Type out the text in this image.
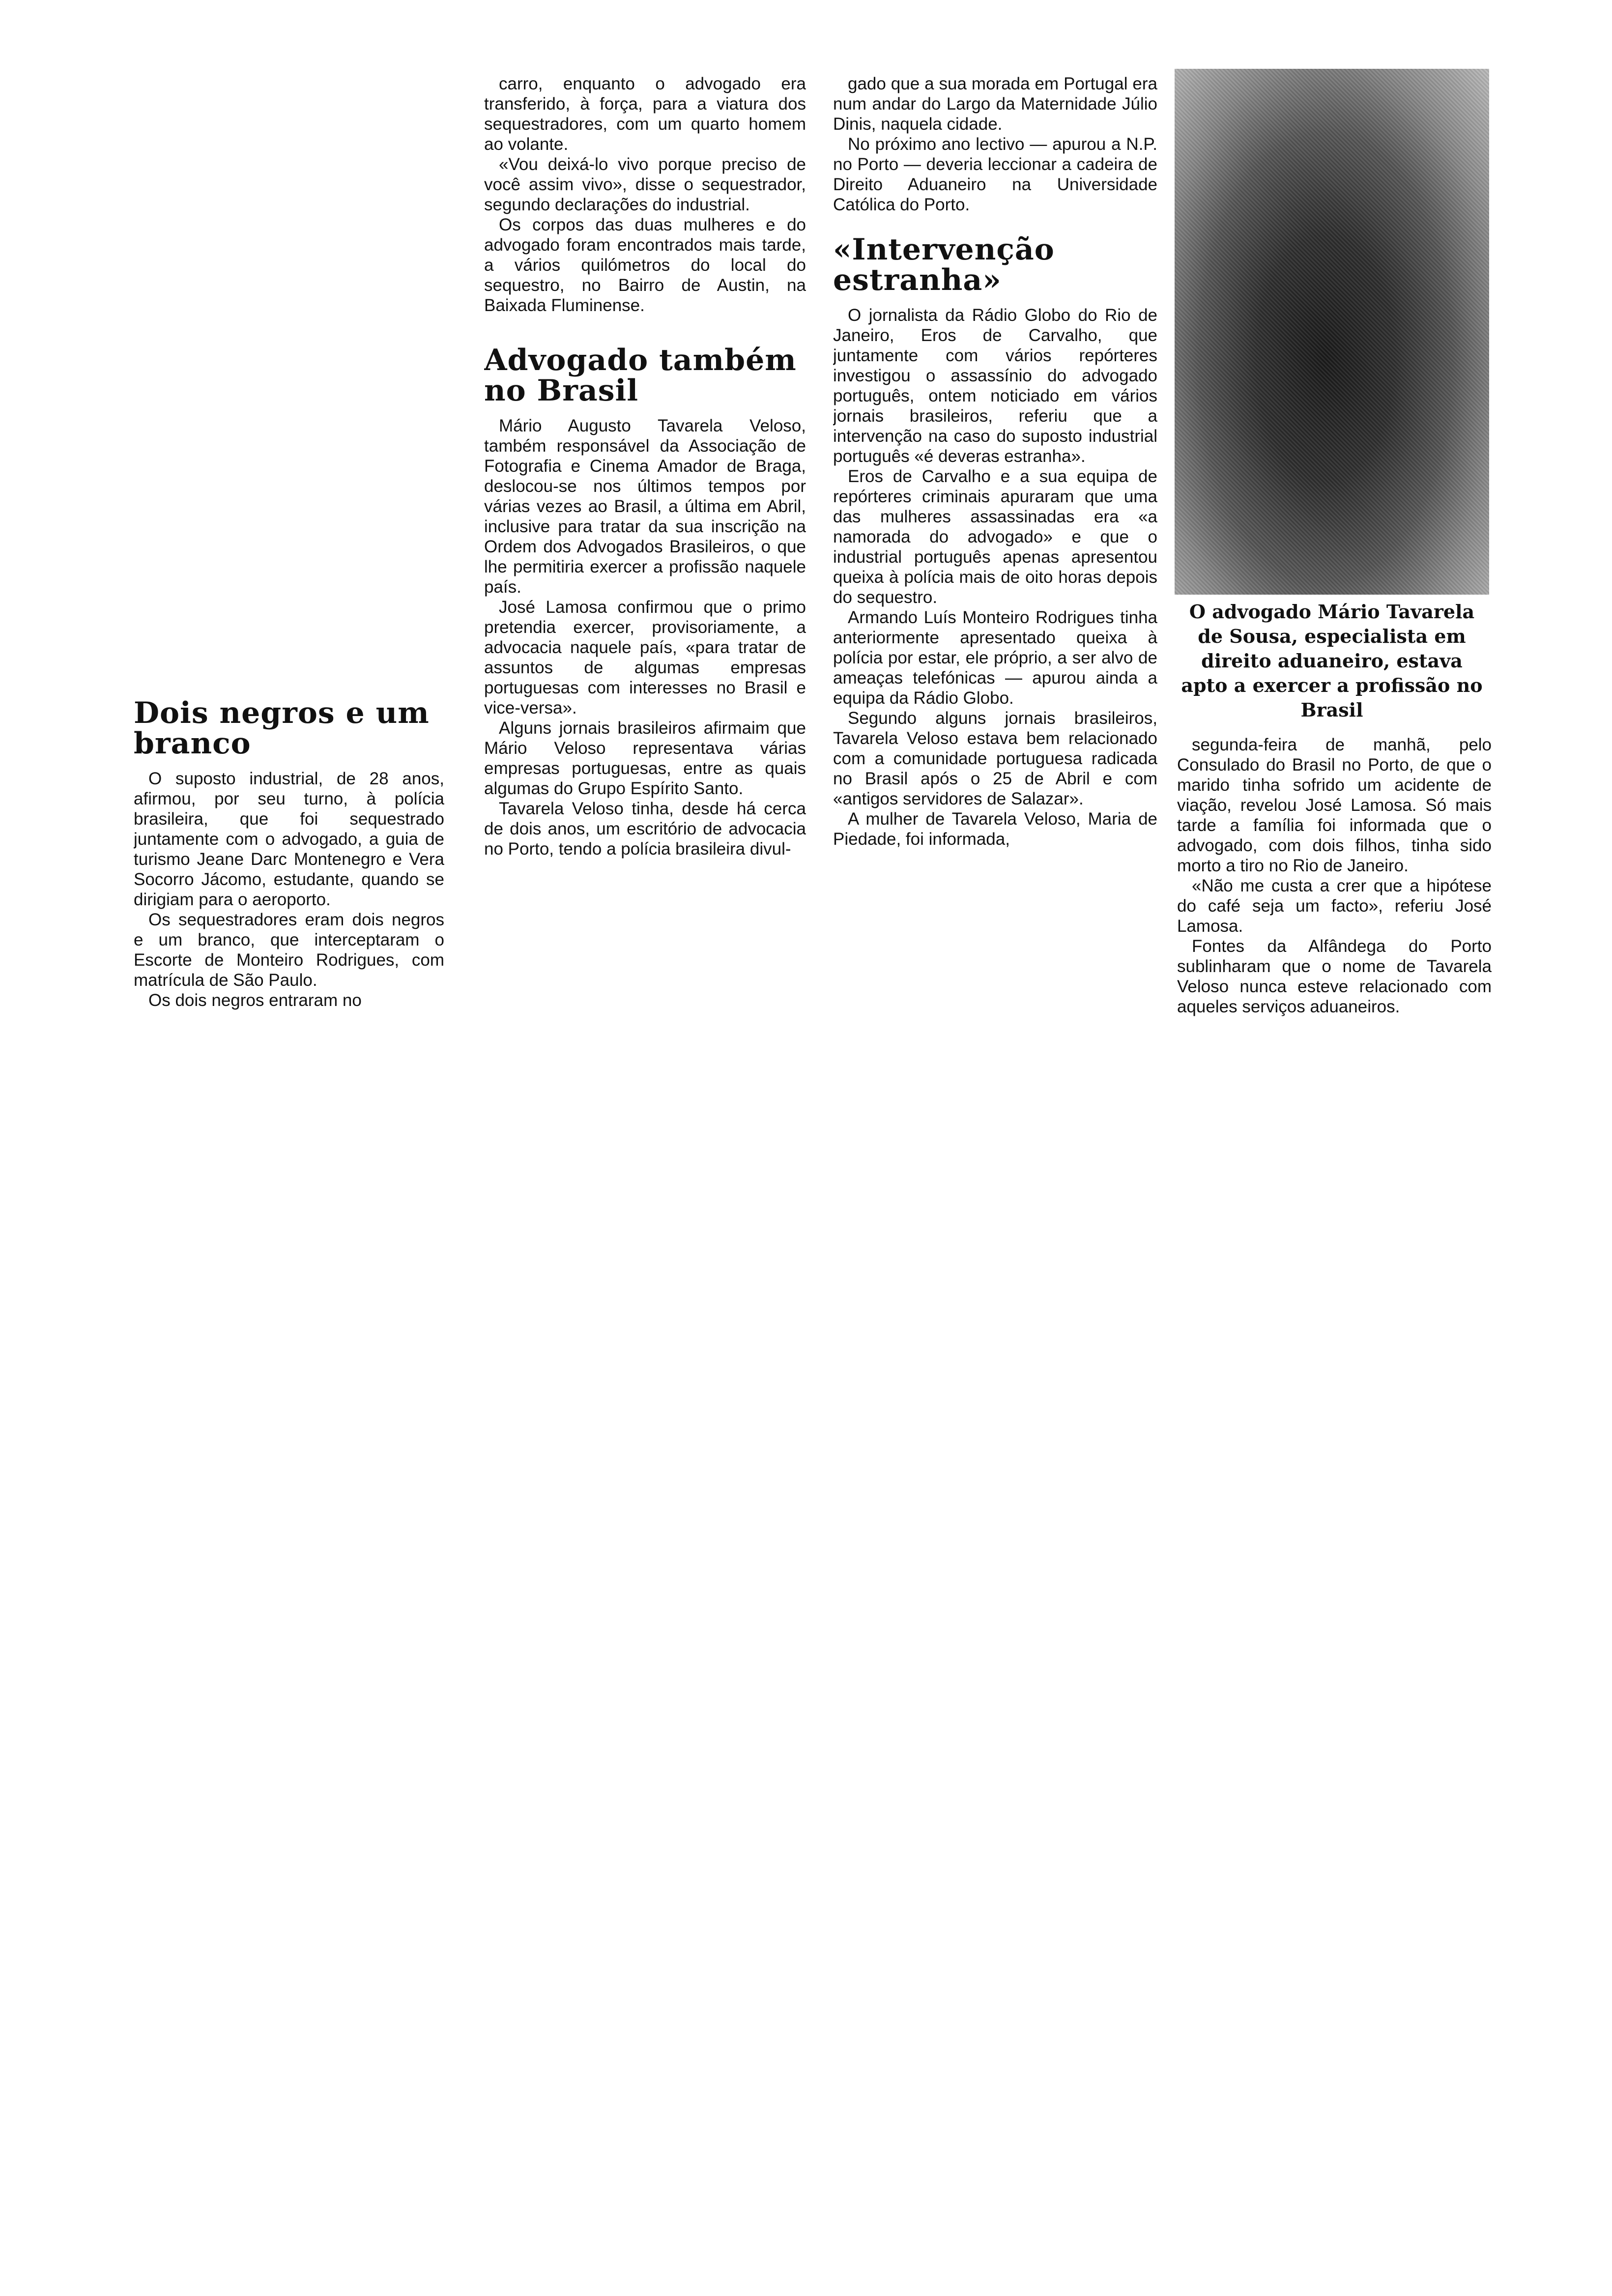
Dois negros e um branco

O suposto industrial, de 28 anos, afirmou, por seu turno, à polícia brasileira, que foi sequestrado juntamente com o advogado, a guia de turismo Jeane Darc Montenegro e Vera Socorro Jácomo, estudante, quando se dirigiam para o aeroporto.

Os sequestradores eram dois negros e um branco, que interceptaram o Escorte de Monteiro Rodrigues, com matrícula de São Paulo.

Os dois negros entraram no

carro, enquanto o advogado era transferido, à força, para a viatura dos sequestradores, com um quarto homem ao volante.

«Vou deixá-lo vivo porque preciso de você assim vivo», disse o sequestrador, segundo declarações do industrial.

Os corpos das duas mulheres e do advogado foram encontrados mais tarde, a vários quilómetros do local do sequestro, no Bairro de Austin, na Baixada Fluminense.

Advogado também no Brasil

Mário Augusto Tavarela Veloso, também responsável da Associação de Fotografia e Cinema Amador de Braga, deslocou-se nos últimos tempos por várias vezes ao Brasil, a última em Abril, inclusive para tratar da sua inscrição na Ordem dos Advogados Brasileiros, o que lhe permitiria exercer a profissão naquele país.

José Lamosa confirmou que o primo pretendia exercer, provisoriamente, a advocacia naquele país, «para tratar de assuntos de algumas empresas portuguesas com interesses no Brasil e vice-versa».

Alguns jornais brasileiros afirmaim que Mário Veloso representava várias empresas portuguesas, entre as quais algumas do Grupo Espírito Santo.

Tavarela Veloso tinha, desde há cerca de dois anos, um escritório de advocacia no Porto, tendo a polícia brasileira divul-

gado que a sua morada em Portugal era num andar do Largo da Maternidade Júlio Dinis, naquela cidade.

No próximo ano lectivo — apurou a N.P. no Porto — deveria leccionar a cadeira de Direito Aduaneiro na Universidade Católica do Porto.

«Intervenção estranha»

O jornalista da Rádio Globo do Rio de Janeiro, Eros de Carvalho, que juntamente com vários repórteres investigou o assassínio do advogado português, ontem noticiado em vários jornais brasileiros, referiu que a intervenção na caso do suposto industrial português «é deveras estranha».

Eros de Carvalho e a sua equipa de repórteres criminais apuraram que uma das mulheres assassinadas era «a namorada do advogado» e que o industrial português apenas apresentou queixa à polícia mais de oito horas depois do sequestro.

Armando Luís Monteiro Rodrigues tinha anteriormente apresentado queixa à polícia por estar, ele próprio, a ser alvo de ameaças telefónicas — apurou ainda a equipa da Rádio Globo.

Segundo alguns jornais brasileiros, Tavarela Veloso estava bem relacionado com a comunidade portuguesa radicada no Brasil após o 25 de Abril e com «antigos servidores de Salazar».

A mulher de Tavarela Veloso, Maria de Piedade, foi informada,

O advogado Mário Tavarela de Sousa, especialista em direito aduaneiro, estava apto a exercer a profissão no Brasil

segunda-feira de manhã, pelo Consulado do Brasil no Porto, de que o marido tinha sofrido um acidente de viação, revelou José Lamosa. Só mais tarde a família foi informada que o advogado, com dois filhos, tinha sido morto a tiro no Rio de Janeiro.

«Não me custa a crer que a hipótese do café seja um facto», referiu José Lamosa.

Fontes da Alfândega do Porto sublinharam que o nome de Tavarela Veloso nunca esteve relacionado com aqueles serviços aduaneiros.
